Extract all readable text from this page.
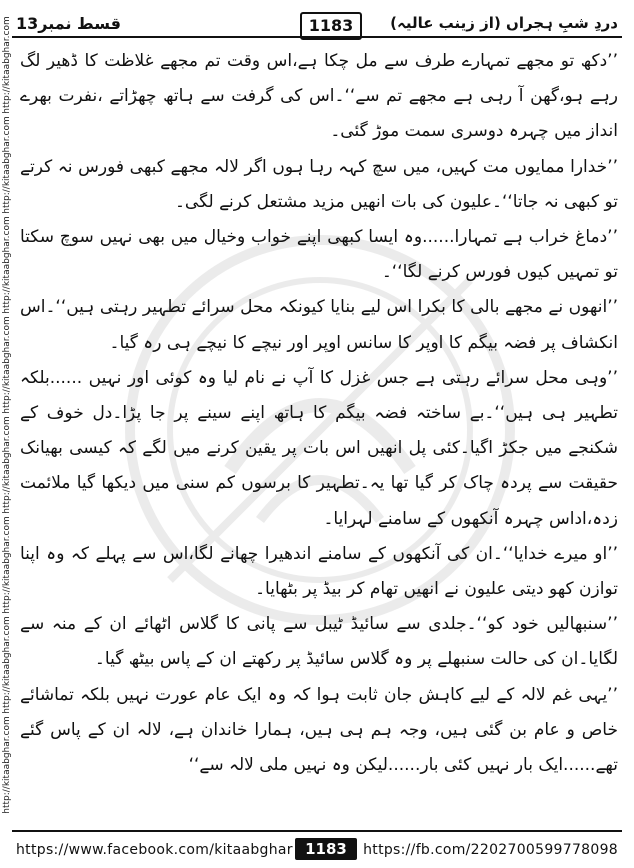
قسط نمبر13	1183	دردِ شبِ ہجراں (از زینب عالیہ)
http://kitaabghar.com
http://kitaabghar.com
http://kitaabghar.com
http://kitaabghar.com
http://kitaabghar.com
http://kitaabghar.com
http://kitaabghar.com
http://kitaabghar.com

’’دکھ تو مجھے تمہارے طرف سے مل چکا ہے،اس وقت تم مجھے غلاظت کا ڈھیر لگ رہے ہو،گھن آ رہی ہے مجھے تم سے‘‘۔اس کی گرفت سے ہاتھ چھڑاتے ،نفرت بھرے انداز میں چہرہ دوسری سمت موڑ گئی۔

’’خدارا ممایوں مت کہیں، میں سچ کہہ رہا ہوں اگر لالہ مجھے کبھی فورس نہ کرتے تو کبھی نہ جاتا‘‘۔علیون کی بات انھیں مزید مشتعل کرنے لگی۔

’’دماغ خراب ہے تمہارا......وہ ایسا کبھی اپنے خواب وخیال میں بھی نہیں سوچ سکتا تو تمہیں کیوں فورس کرنے لگا‘‘۔

’’انھوں نے مجھے بالی کا بکرا اس لیے بنایا کیونکہ محل سرائے تطہیر رہتی ہیں‘‘۔اس انکشاف پر فضہ بیگم کا اوپر کا سانس اوپر اور نیچے کا نیچے ہی رہ گیا۔

’’وہی محل سرائے رہتی ہے جس غزل کا آپ نے نام لیا وہ کوئی اور نہیں ......بلکہ تطہیر ہی ہیں‘‘۔بے ساختہ فضہ بیگم کا ہاتھ اپنے سینے پر جا پڑا۔دل خوف کے شکنجے میں جکڑ اگیا۔کئی پل انھیں اس بات پر یقین کرنے میں لگے کہ کیسی بھیانک حقیقت سے پردہ چاک کر گیا تھا یہ۔تطہیر کا برسوں کم سنی میں دیکھا گیا ملائمت زدہ،اداس چہرہ آنکھوں کے سامنے لہرایا۔

’’او میرے خدایا‘‘۔ان کی آنکھوں کے سامنے اندھیرا چھانے لگا،اس سے پہلے کہ وہ اپنا توازن کھو دیتی علیون نے انھیں تھام کر بیڈ پر بٹھایا۔

’’سنبھالیں خود کو‘‘۔جلدی سے سائیڈ ٹیبل سے پانی کا گلاس اٹھائے ان کے منہ سے لگایا۔ان کی حالت سنبھلے پر وہ گلاس سائیڈ پر رکھتے ان کے پاس بیٹھ گیا۔

’’یہی غم لالہ کے لیے کاہش جان ثابت ہوا کہ وہ ایک عام عورت نہیں بلکہ تماشائے خاص و عام بن گئی ہیں، وجہ ہم ہی ہیں، ہمارا خاندان ہے، لالہ ان کے پاس گئے تھے......ایک بار نہیں کئی بار......لیکن وہ نہیں ملی لالہ سے‘‘

https://www.facebook.com/kitaabghar 1183	https://fb.com/2202700599778098
